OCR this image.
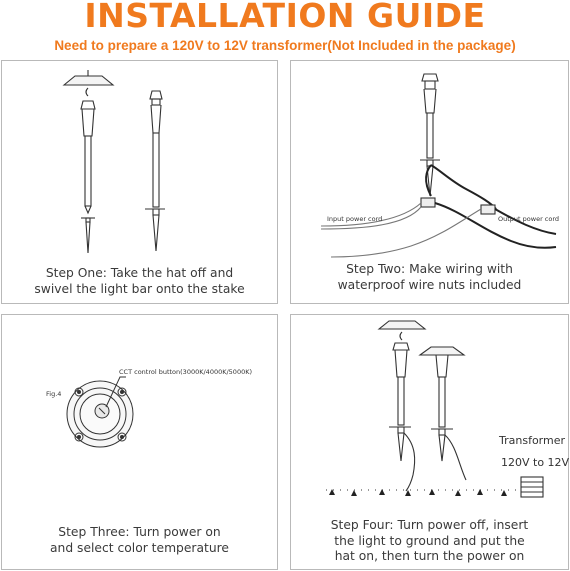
INSTALLATION GUIDE
Need to prepare a 120V to 12V transformer(Not Included in the package)
Step One: Take the hat off and
swivel the light bar onto the stake
Input power cord	Output power cord
Step Two: Make wiring with
waterproof wire nuts included
CCT control button(3000K/4000K/5000K)
Fig.4
Step Three: Turn power on
and select color temperature
Transformer
120V to 12V
Step Four: Turn power off, insert
the light to ground and put the
hat on, then turn the power on
